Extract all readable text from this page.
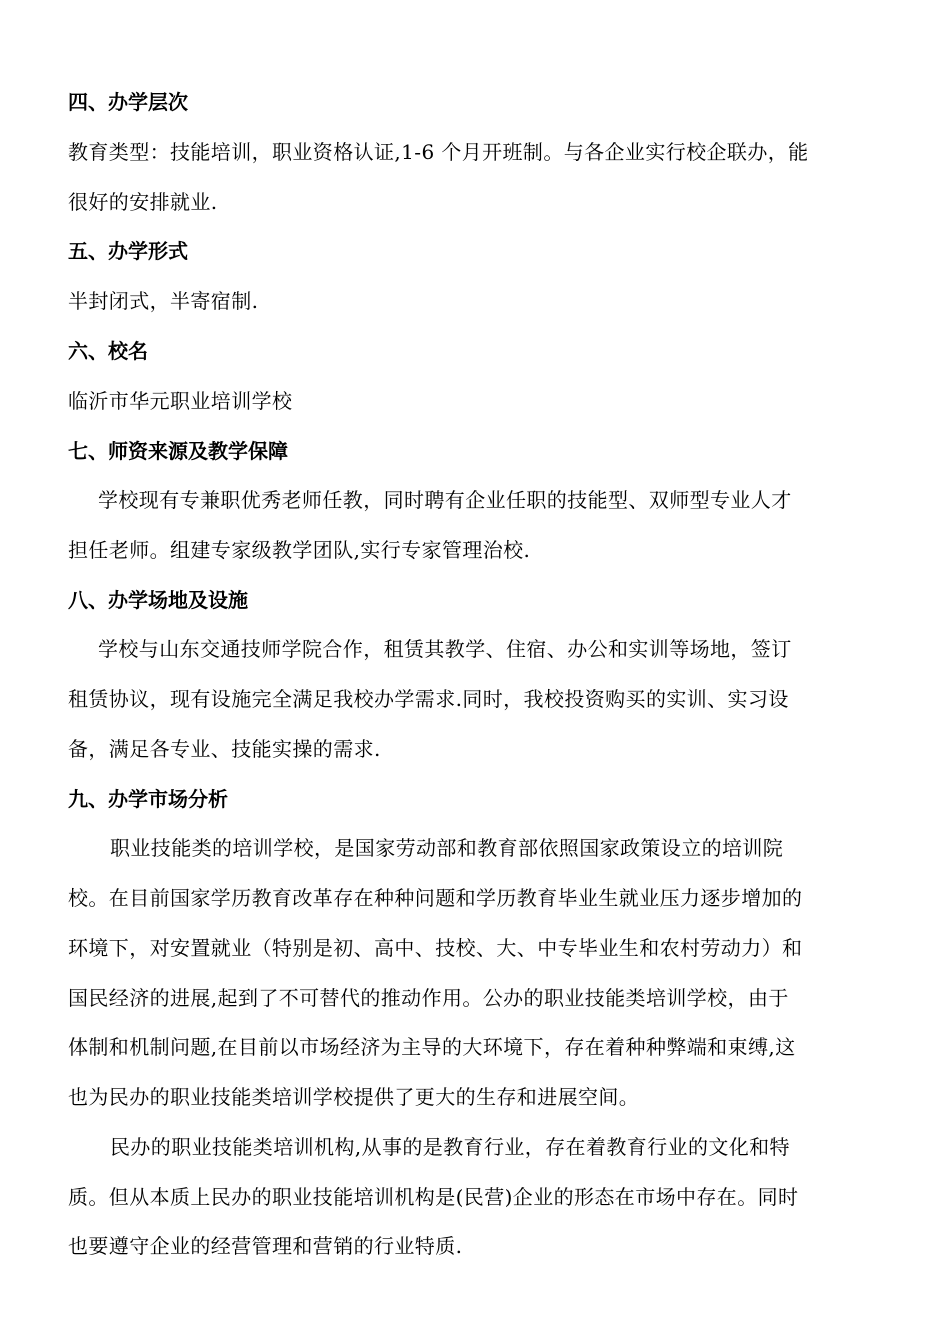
四、办学层次
教育类型：技能培训，职业资格认证,1-6 个月开班制。与各企业实行校企联办，能
很好的安排就业.
五、办学形式
半封闭式，半寄宿制.
六、校名
临沂市华元职业培训学校
七、师资来源及教学保障
学校现有专兼职优秀老师任教，同时聘有企业任职的技能型、双师型专业人才
担任老师。组建专家级教学团队,实行专家管理治校.
八、办学场地及设施
学校与山东交通技师学院合作，租赁其教学、住宿、办公和实训等场地，签订
租赁协议，现有设施完全满足我校办学需求.同时，我校投资购买的实训、实习设
备，满足各专业、技能实操的需求.
九、办学市场分析
职业技能类的培训学校，是国家劳动部和教育部依照国家政策设立的培训院
校。在目前国家学历教育改革存在种种问题和学历教育毕业生就业压力逐步增加的
环境下，对安置就业（特别是初、高中、技校、大、中专毕业生和农村劳动力）和
国民经济的进展,起到了不可替代的推动作用。公办的职业技能类培训学校，由于
体制和机制问题,在目前以市场经济为主导的大环境下，存在着种种弊端和束缚,这
也为民办的职业技能类培训学校提供了更大的生存和进展空间。
民办的职业技能类培训机构,从事的是教育行业，存在着教育行业的文化和特
质。但从本质上民办的职业技能培训机构是(民营)企业的形态在市场中存在。同时
也要遵守企业的经营管理和营销的行业特质.
